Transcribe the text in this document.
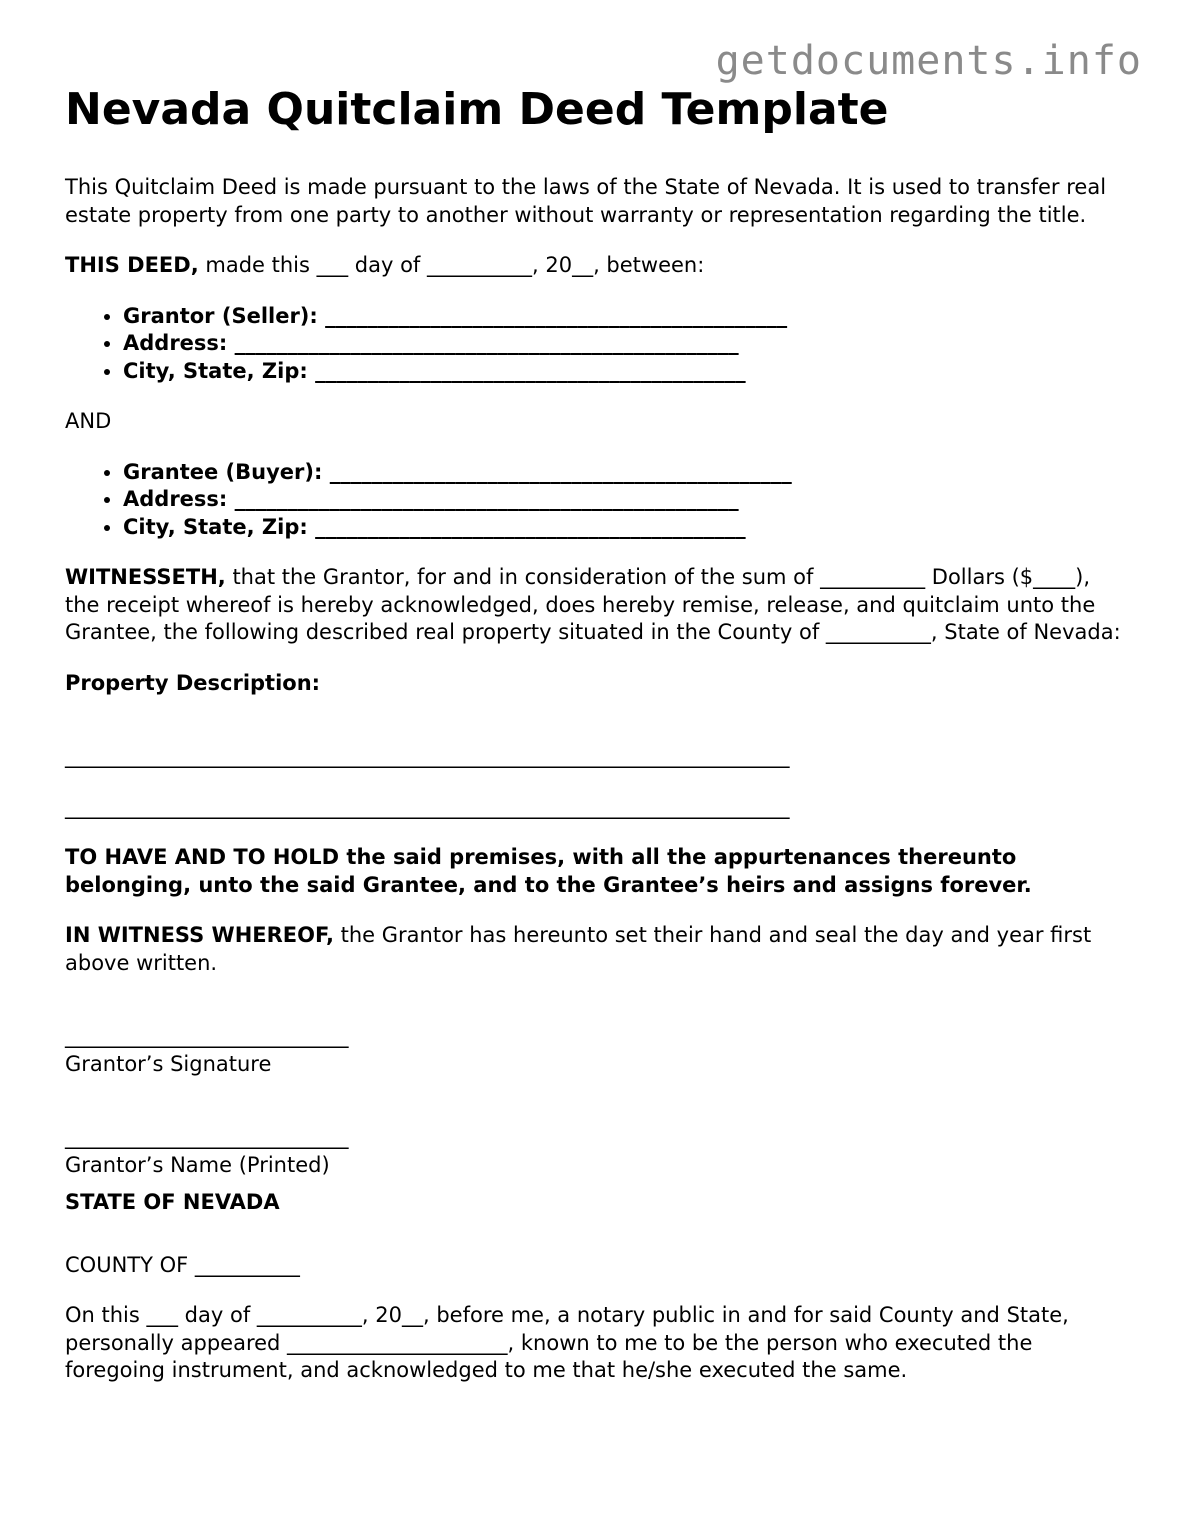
getdocuments.info
Nevada Quitclaim Deed Template

This Quitclaim Deed is made pursuant to the laws of the State of Nevada. It is used to transfer real estate property from one party to another without warranty or representation regarding the title.

THIS DEED, made this ___ day of __________, 20__, between:

• Grantor (Seller): ____________________________________________
• Address: ________________________________________________
• City, State, Zip: _________________________________________

AND

• Grantee (Buyer): ____________________________________________
• Address: ________________________________________________
• City, State, Zip: _________________________________________

WITNESSETH, that the Grantor, for and in consideration of the sum of __________ Dollars ($____), the receipt whereof is hereby acknowledged, does hereby remise, release, and quitclaim unto the Grantee, the following described real property situated in the County of __________, State of Nevada:

Property Description:

_____________________________________________________________________

_____________________________________________________________________

TO HAVE AND TO HOLD the said premises, with all the appurtenances thereunto belonging, unto the said Grantee, and to the Grantee’s heirs and assigns forever.

IN WITNESS WHEREOF, the Grantor has hereunto set their hand and seal the day and year first above written.

___________________________

Grantor’s Signature

___________________________

Grantor’s Name (Printed)

STATE OF NEVADA

COUNTY OF __________

On this ___ day of __________, 20__, before me, a notary public in and for said County and State, personally appeared _____________________, known to me to be the person who executed the foregoing instrument, and acknowledged to me that he/she executed the same.
